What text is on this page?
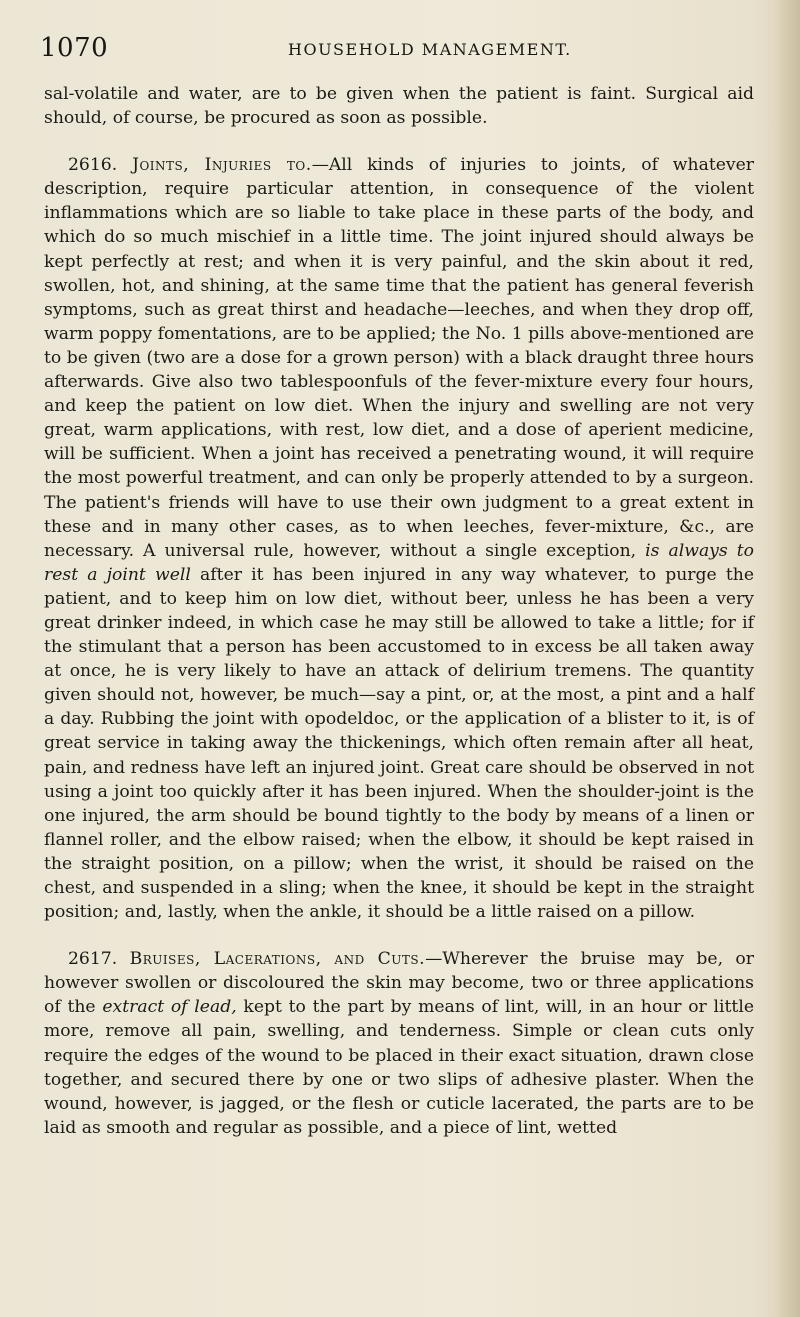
1070	HOUSEHOLD MANAGEMENT.

sal-volatile and water, are to be given when the patient is faint. Surgical aid should, of course, be procured as soon as possible.

2616. Joints, Injuries to.—All kinds of injuries to joints, of whatever description, require particular attention, in consequence of the violent inflammations which are so liable to take place in these parts of the body, and which do so much mischief in a little time. The joint injured should always be kept perfectly at rest; and when it is very painful, and the skin about it red, swollen, hot, and shining, at the same time that the patient has general feverish symptoms, such as great thirst and headache—leeches, and when they drop off, warm poppy fomentations, are to be applied; the No. 1 pills above-mentioned are to be given (two are a dose for a grown person) with a black draught three hours afterwards. Give also two tablespoonfuls of the fever-mixture every four hours, and keep the patient on low diet. When the injury and swelling are not very great, warm applications, with rest, low diet, and a dose of aperient medicine, will be sufficient. When a joint has received a penetrating wound, it will require the most powerful treatment, and can only be properly attended to by a surgeon. The patient's friends will have to use their own judgment to a great extent in these and in many other cases, as to when leeches, fever-mixture, &c., are necessary. A universal rule, however, without a single exception, is always to rest a joint well after it has been injured in any way whatever, to purge the patient, and to keep him on low diet, without beer, unless he has been a very great drinker indeed, in which case he may still be allowed to take a little; for if the stimulant that a person has been accustomed to in excess be all taken away at once, he is very likely to have an attack of delirium tremens. The quantity given should not, however, be much—say a pint, or, at the most, a pint and a half a day. Rubbing the joint with opodeldoc, or the application of a blister to it, is of great service in taking away the thickenings, which often remain after all heat, pain, and redness have left an injured joint. Great care should be observed in not using a joint too quickly after it has been injured. When the shoulder-joint is the one injured, the arm should be bound tightly to the body by means of a linen or flannel roller, and the elbow raised; when the elbow, it should be kept raised in the straight position, on a pillow; when the wrist, it should be raised on the chest, and suspended in a sling; when the knee, it should be kept in the straight position; and, lastly, when the ankle, it should be a little raised on a pillow.

2617. Bruises, Lacerations, and Cuts.—Wherever the bruise may be, or however swollen or discoloured the skin may become, two or three applications of the extract of lead, kept to the part by means of lint, will, in an hour or little more, remove all pain, swelling, and tenderness. Simple or clean cuts only require the edges of the wound to be placed in their exact situation, drawn close together, and secured there by one or two slips of adhesive plaster. When the wound, however, is jagged, or the flesh or cuticle lacerated, the parts are to be laid as smooth and regular as possible, and a piece of lint, wetted
